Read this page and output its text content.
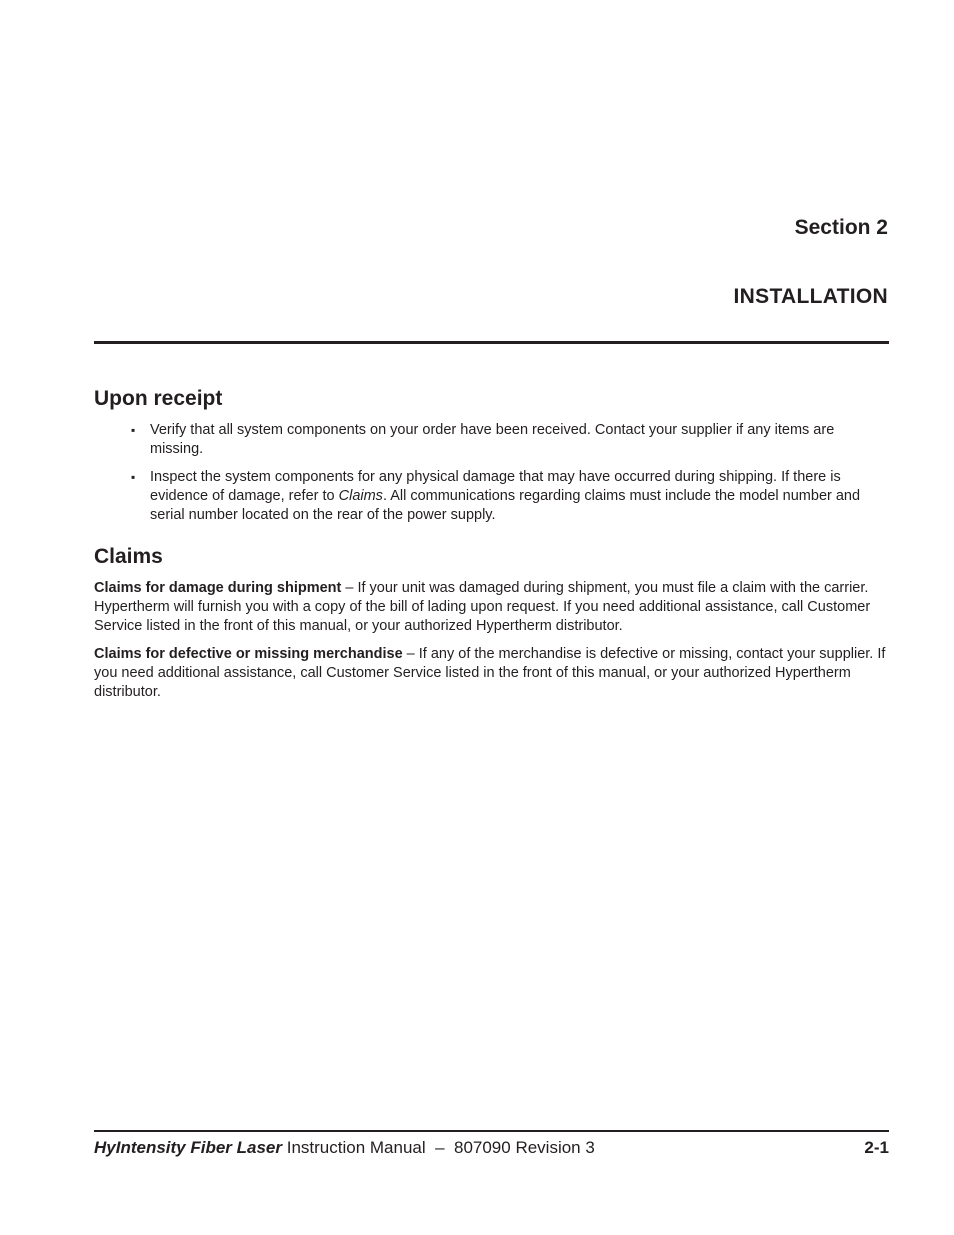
Section 2
INSTALLATION
Upon receipt
▪ Verify that all system components on your order have been received. Contact your supplier if any items are missing.
▪ Inspect the system components for any physical damage that may have occurred during shipping. If there is evidence of damage, refer to Claims. All communications regarding claims must include the model number and serial number located on the rear of the power supply.
Claims

Claims for damage during shipment – If your unit was damaged during shipment, you must file a claim with the carrier. Hypertherm will furnish you with a copy of the bill of lading upon request. If you need additional assistance, call Customer Service listed in the front of this manual, or your authorized Hypertherm distributor.

Claims for defective or missing merchandise – If any of the merchandise is defective or missing, contact your supplier. If you need additional assistance, call Customer Service listed in the front of this manual, or your authorized Hypertherm distributor.

HyIntensity Fiber Laser Instruction Manual  –  807090 Revision 3	2-1
